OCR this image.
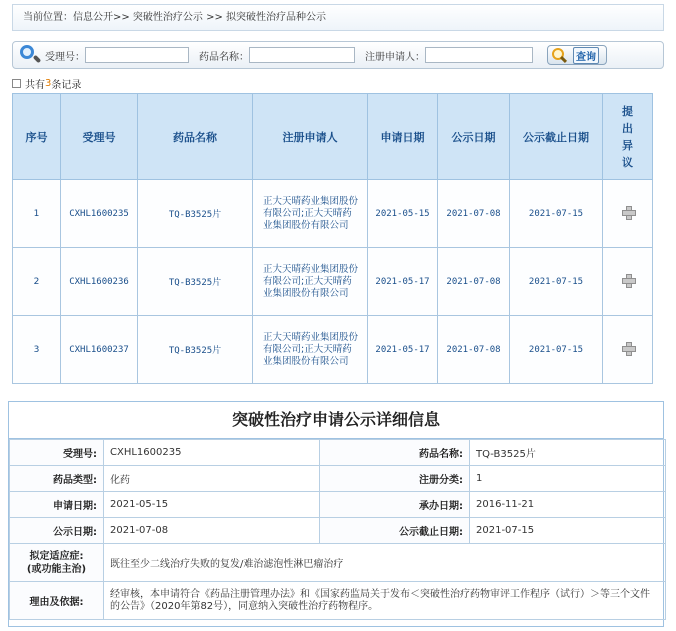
当前位置：信息公开>> 突破性治疗公示 >> 拟突破性治疗品种公示
受理号：	药品名称：	注册申请人：	查询
共有 3 条记录
序号	受理号	药品名称	注册申请人	申请日期	公示日期	公示截止日期	提出异议
1	CXHL1600235	TQ-B3525片	正大天晴药业集团股份有限公司;正大天晴药业集团股份有限公司	2021-05-15	2021-07-08	2021-07-15	
2	CXHL1600236	TQ-B3525片	正大天晴药业集团股份有限公司;正大天晴药业集团股份有限公司	2021-05-17	2021-07-08	2021-07-15	
3	CXHL1600237	TQ-B3525片	正大天晴药业集团股份有限公司;正大天晴药业集团股份有限公司	2021-05-17	2021-07-08	2021-07-15	
突破性治疗申请公示详细信息
受理号:	CXHL1600235	药品名称:	TQ-B3525片
药品类型:	化药	注册分类:	1
申请日期:	2021-05-15	承办日期:	2016-11-21
公示日期:	2021-07-08	公示截止日期:	2021-07-15
拟定适应症:
(或功能主治)	既往至少二线治疗失败的复发/难治滤泡性淋巴瘤治疗		
理由及依据:	经审核，本申请符合《药品注册管理办法》和《国家药监局关于发布＜突破性治疗药物审评工作程序（试行）＞等三个文件的公告》（2020年第82号），同意纳入突破性治疗药物程序。		
